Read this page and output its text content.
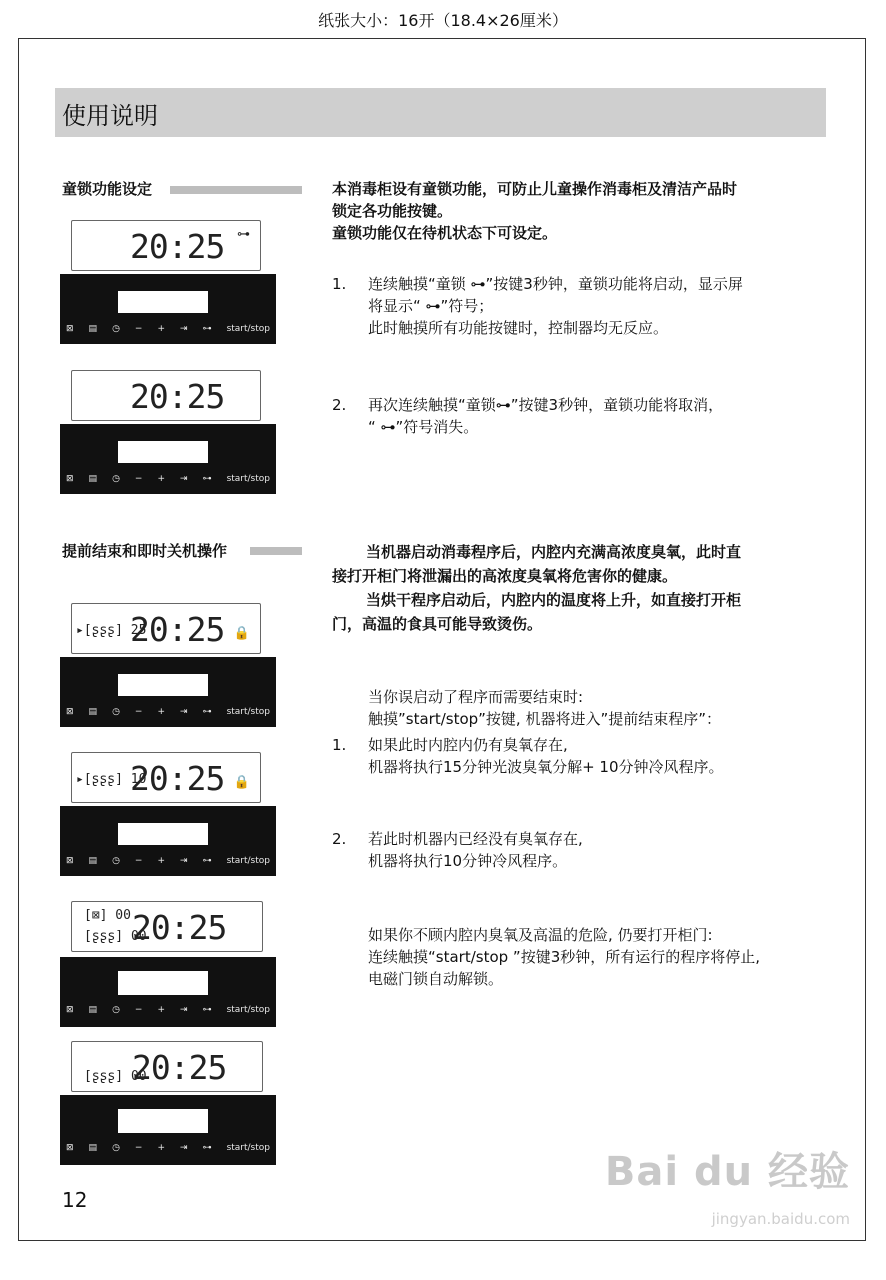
纸张大小：16开（18.4×26厘米）
使用说明
童锁功能设定	本消毒柜设有童锁功能，可防止儿童操作消毒柜及清洁产品时
锁定各功能按键。
童锁功能仅在待机状态下可设定。
1. 连续触摸“童锁 ⊶”按键3秒钟，童锁功能将启动，显示屏
将显示“ ⊶”符号；
此时触摸所有功能按键时，控制器均无反应。
2. 再次连续触摸“童锁⊶”按键3秒钟，童锁功能将取消，
“ ⊶”符号消失。
提前结束和即时关机操作	当机器启动消毒程序后，内腔内充满高浓度臭氧，此时直
接打开柜门将泄漏出的高浓度臭氧将危害你的健康。
当烘干程序启动后，内腔内的温度将上升，如直接打开柜
门，高温的食具可能导致烫伤。
当你误启动了程序而需要结束时:
触摸”start/stop”按键, 机器将进入”提前结束程序”：
1. 如果此时内腔内仍有臭氧存在,
机器将执行15分钟光波臭氧分解+ 10分钟冷风程序。
2. 若此时机器内已经没有臭氧存在,
机器将执行10分钟冷风程序。
如果你不顾内腔内臭氧及高温的危险, 仍要打开柜门:
连续触摸“start/stop ”按键3秒钟，所有运行的程序将停止,
电磁门锁自动解锁。
20:25 ⊶
⊠ ▤ ◷ − + ⇥ ⊶ start/stop
20:25
⊠ ▤ ◷ − + ⇥ ⊶ start/stop
▸[ʂʂʂ] 25
20:25 🔒
⊠ ▤ ◷ − + ⇥ ⊶ start/stop
▸[ʂʂʂ] 10
20:25 🔒
⊠ ▤ ◷ − + ⇥ ⊶ start/stop
[⊠] 00
[ʂʂʂ] 00
20:25
⊠ ▤ ◷ − + ⇥ ⊶ start/stop
[ʂʂʂ] 00
20:25
⊠ ▤ ◷ − + ⇥ ⊶ start/stop
12
Bai du 经验
jingyan.baidu.com
